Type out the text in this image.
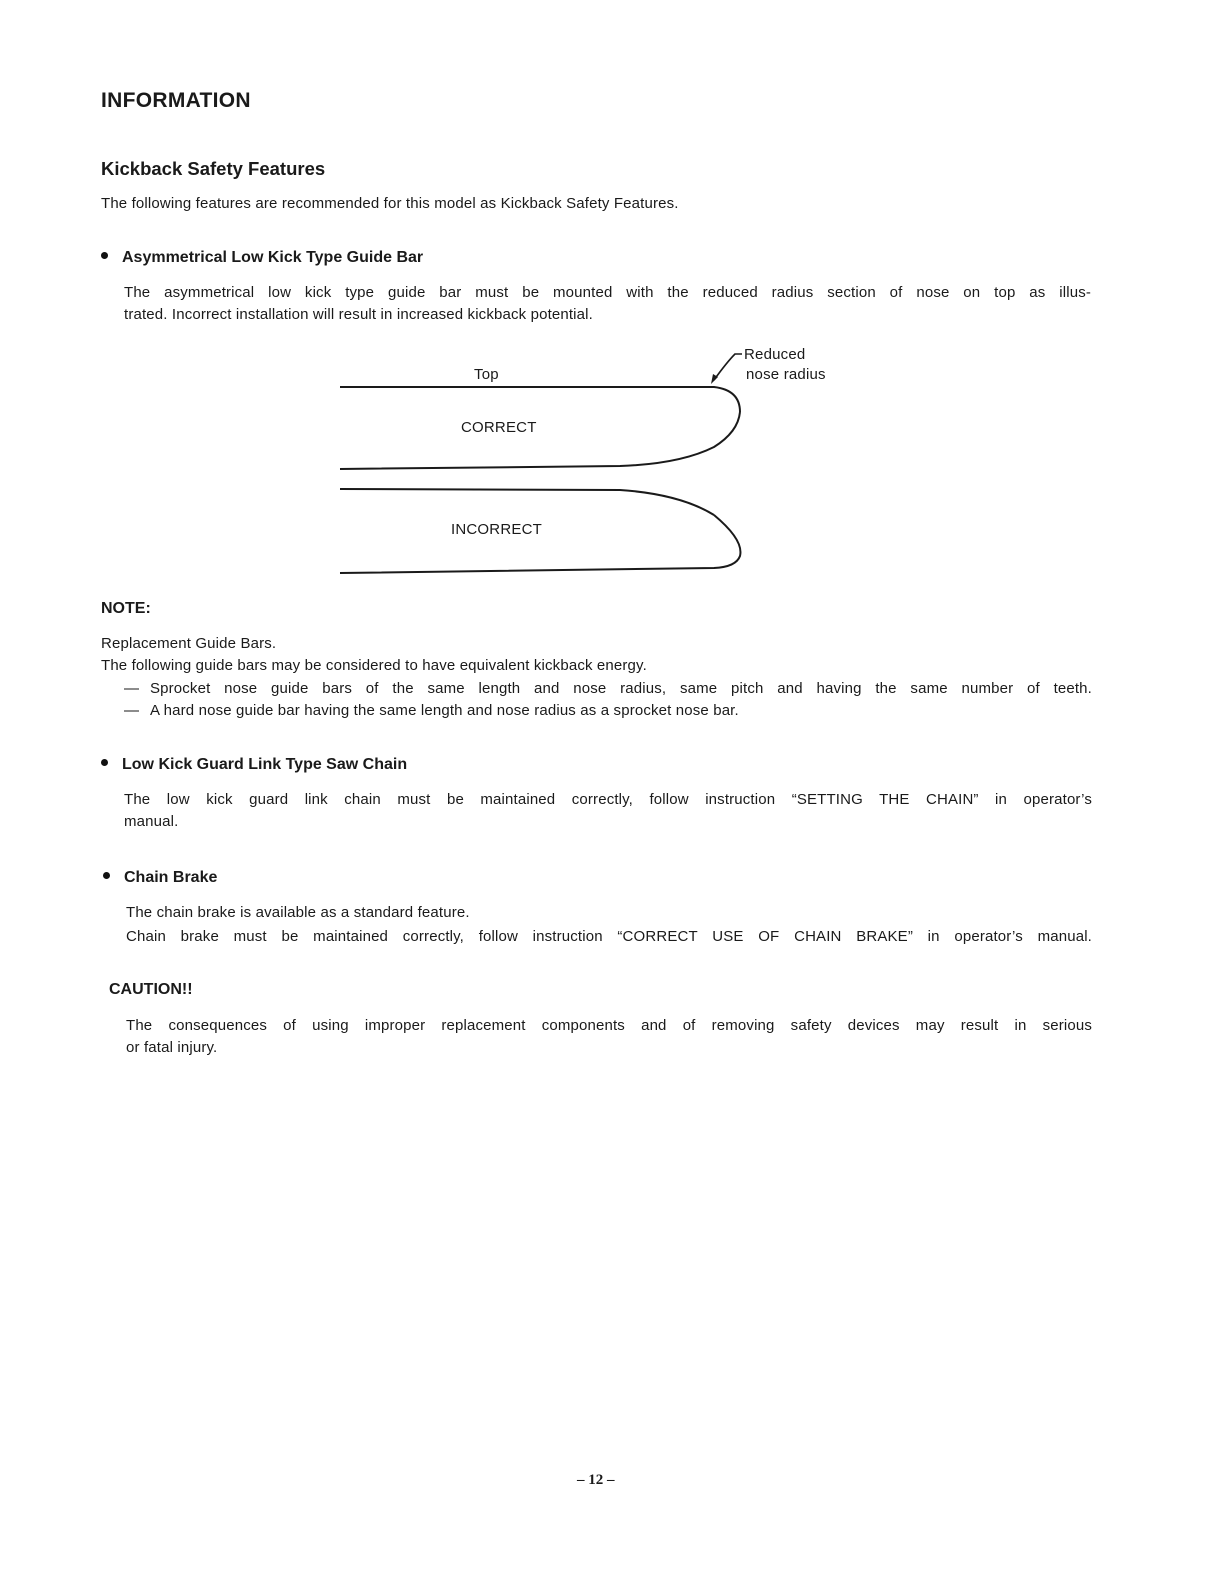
INFORMATION
Kickback Safety Features
The following features are recommended for this model as Kickback Safety Features.
Asymmetrical Low Kick Type Guide Bar
The asymmetrical low kick type guide bar must be mounted with the reduced radius section of nose on top as illus-
trated. Incorrect installation will result in increased kickback potential.
Top
Reduced
nose radius
CORRECT
INCORRECT
NOTE:
Replacement Guide Bars.
The following guide bars may be considered to have equivalent kickback energy.
— Sprocket nose guide bars of the same length and nose radius, same pitch and having the same number of teeth.
— A hard nose guide bar having the same length and nose radius as a sprocket nose bar.
Low Kick Guard Link Type Saw Chain
The low kick guard link chain must be maintained correctly, follow instruction “SETTING THE CHAIN” in operator’s
manual.
Chain Brake
The chain brake is available as a standard feature.
Chain brake must be maintained correctly, follow instruction “CORRECT USE OF CHAIN BRAKE” in operator’s manual.
CAUTION!!
The consequences of using improper replacement components and of removing safety devices may result in serious
or fatal injury.
– 12 –
